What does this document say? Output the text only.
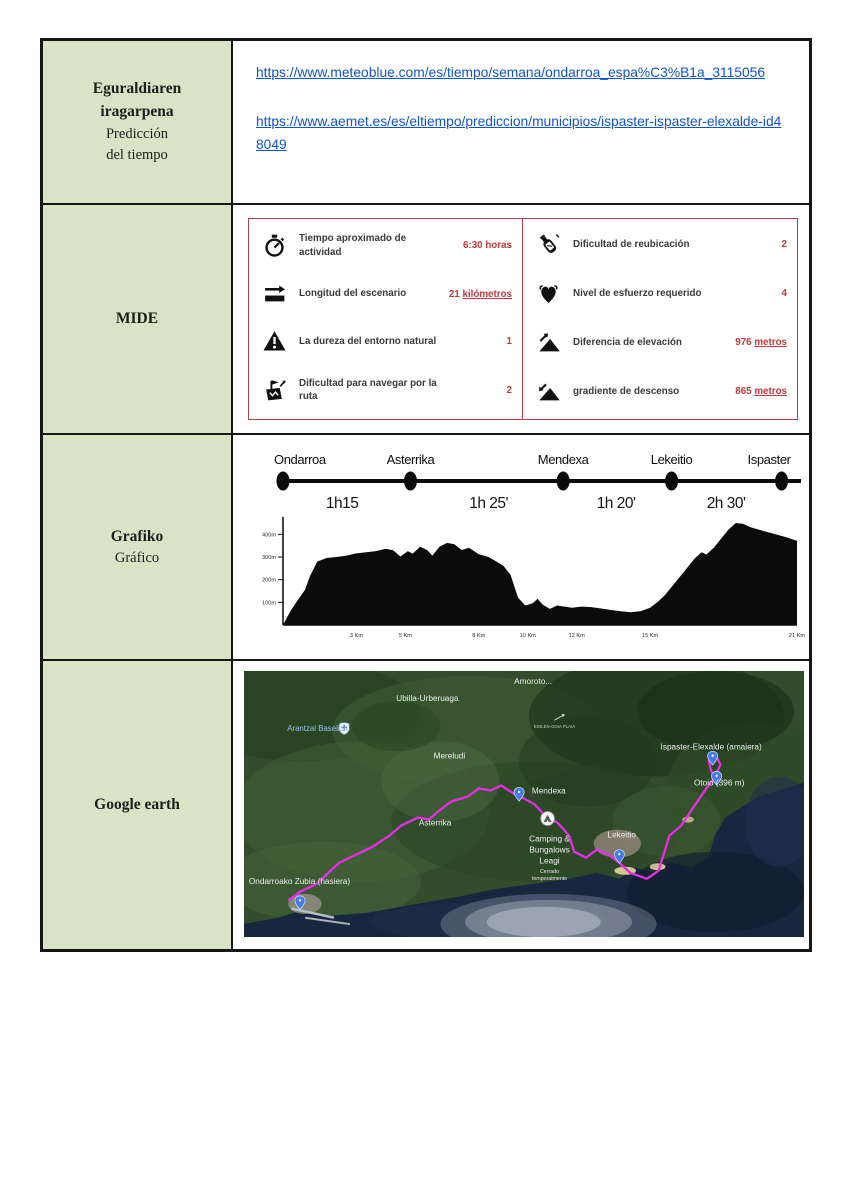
Eguraldiaren
iragarpena
Predicción
del tiempo
https://www.meteoblue.com/es/tiempo/semana/ondarroa_espa%C3%B1a_3115056
https://www.aemet.es/es/eltiempo/prediccion/municipios/ispaster-ispaster-elexalde-id48049
MIDE
Tiempo aproximado de actividad
6:30 horas
Longitud del escenario	21 kilómetros
La dureza del entorno natural	1
Dificultad para navegar por la ruta
2
Dificultad de reubicación	2
Nivel de esfuerzo requerido	4
Diferencia de elevación	976 metros
gradiente de descenso	865 metros
Grafiko
Gráfico
Ondarroa	Asterrika	Mendexa	Lekeitio	Ispaster
1h15	1h 25'	1h 20'	2h 30'
400m
300m
200m
100m
3 Km	5 Km	8 Km	10 Km	12 Km	15 Km	21 Km
Google earth
Amoroto...
Ubilla-Urberuaga
Arantzal Baseliza	EGILEN-GOIA PLAIA
Mereludi
Ispaster-Elexalde (amaiera)
Otoio (396 m)
Mendexa
Asterrika
Lekeitio
Camping &
Bungalows
Leagi
Cerrado
temporalmente
Ondarroako Zubia (hasiera)
